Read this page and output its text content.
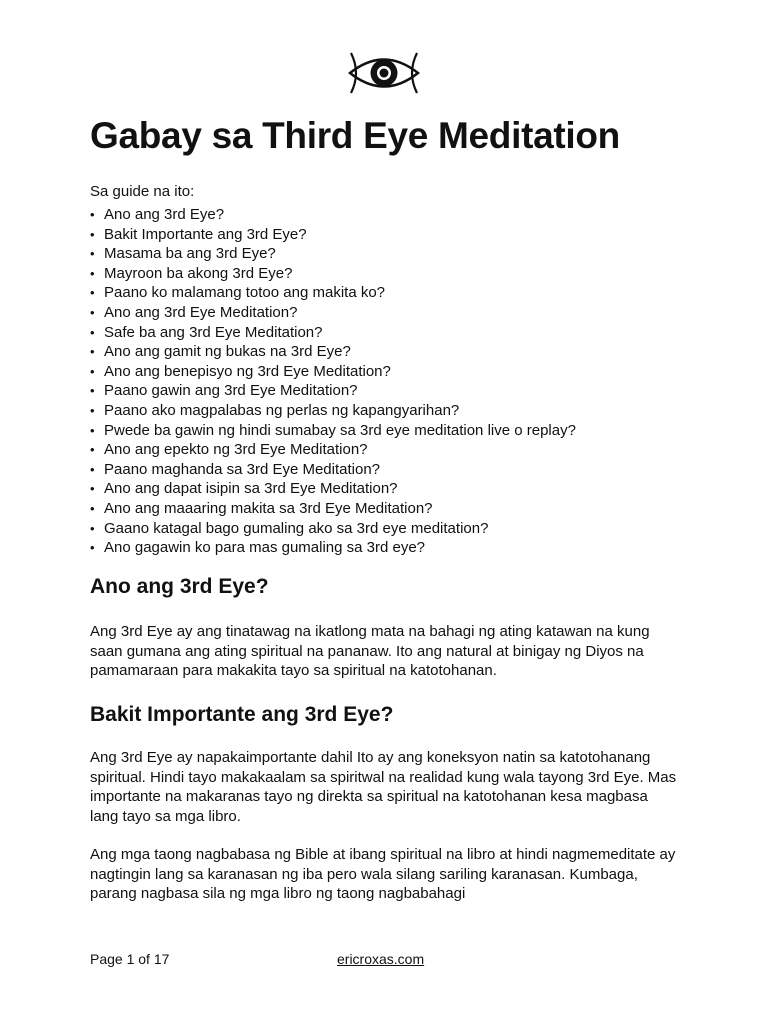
Gabay sa Third Eye Meditation
Sa guide na ito:
• Ano ang 3rd Eye?
• Bakit Importante ang 3rd Eye?
• Masama ba ang 3rd Eye?
• Mayroon ba akong 3rd Eye?
• Paano ko malamang totoo ang makita ko?
• Ano ang 3rd Eye Meditation?
• Safe ba ang 3rd Eye Meditation?
• Ano ang gamit ng bukas na 3rd Eye?
• Ano ang benepisyo ng 3rd Eye Meditation?
• Paano gawin ang 3rd Eye Meditation?
• Paano ako magpalabas ng perlas ng kapangyarihan?
• Pwede ba gawin ng hindi sumabay sa 3rd eye meditation live o replay?
• Ano ang epekto ng 3rd Eye Meditation?
• Paano maghanda sa 3rd Eye Meditation?
• Ano ang dapat isipin sa 3rd Eye Meditation?
• Ano ang maaaring makita sa 3rd Eye Meditation?
• Gaano katagal bago gumaling ako sa 3rd eye meditation?
• Ano gagawin ko para mas gumaling sa 3rd eye?
Ano ang 3rd Eye?

Ang 3rd Eye ay ang tinatawag na ikatlong mata na bahagi ng ating katawan na kung saan gumana ang ating spiritual na pananaw. Ito ang natural at binigay ng Diyos na pamamaraan para makakita tayo sa spiritual na katotohanan.

Bakit Importante ang 3rd Eye?

Ang 3rd Eye ay napakaimportante dahil Ito ay ang koneksyon natin sa katotohanang spiritual. Hindi tayo makakaalam sa spiritwal na realidad kung wala tayong 3rd Eye. Mas importante na makaranas tayo ng direkta sa spiritual na katotohanan kesa magbasa lang tayo sa mga libro.

Ang mga taong nagbabasa ng Bible at ibang spiritual na libro at hindi nagmemeditate ay nagtingin lang sa karanasan ng iba pero wala silang sariling karanasan. Kumbaga, parang nagbasa sila ng mga libro ng taong nagbabahagi

Page 1 of 17	ericroxas.com
